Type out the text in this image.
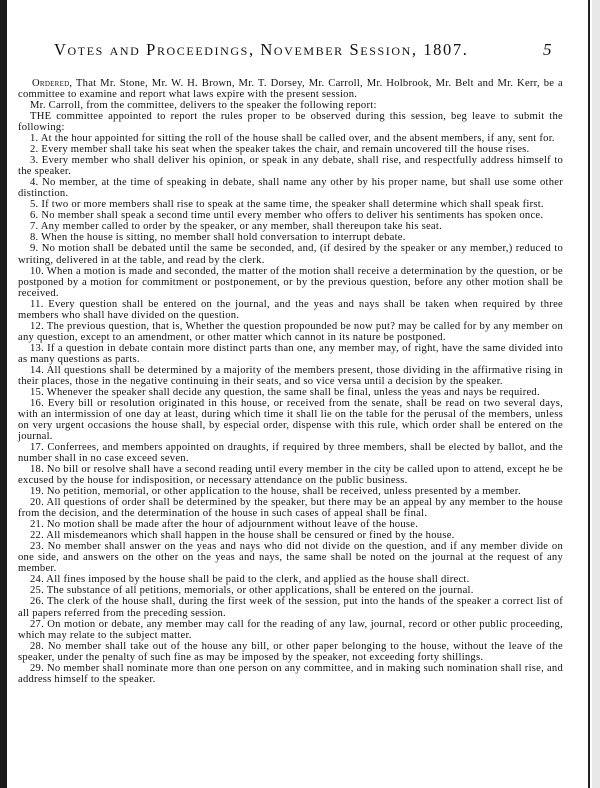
Votes and Proceedings, November Session, 1807.	5

Ordered, That Mr. Stone, Mr. W. H. Brown, Mr. T. Dorsey, Mr. Carroll, Mr. Holbrook, Mr. Belt and Mr. Kerr, be a committee to examine and report what laws expire with the present session.

Mr. Carroll, from the committee, delivers to the speaker the following report:

THE committee appointed to report the rules proper to be observed during this session, beg leave to submit the following:

1. At the hour appointed for sitting the roll of the house shall be called over, and the absent members, if any, sent for.

2. Every member shall take his seat when the speaker takes the chair, and remain uncovered till the house rises.

3. Every member who shall deliver his opinion, or speak in any debate, shall rise, and respectfully address himself to the speaker.

4. No member, at the time of speaking in debate, shall name any other by his proper name, but shall use some other distinction.

5. If two or more members shall rise to speak at the same time, the speaker shall determine which shall speak first.

6. No member shall speak a second time until every member who offers to deliver his sentiments has spoken once.

7. Any member called to order by the speaker, or any member, shall thereupon take his seat.

8. When the house is sitting, no member shall hold conversation to interrupt debate.

9. No motion shall be debated until the same be seconded, and, (if desired by the speaker or any member,) reduced to writing, delivered in at the table, and read by the clerk.

10. When a motion is made and seconded, the matter of the motion shall receive a determination by the question, or be postponed by a motion for commitment or postponement, or by the previous question, before any other motion shall be received.

11. Every question shall be entered on the journal, and the yeas and nays shall be taken when required by three members who shall have divided on the question.

12. The previous question, that is, Whether the question propounded be now put? may be called for by any member on any question, except to an amendment, or other matter which cannot in its nature be postponed.

13. If a question in debate contain more distinct parts than one, any member may, of right, have the same divided into as many questions as parts.

14. All questions shall be determined by a majority of the members present, those dividing in the affirmative rising in their places, those in the negative continuing in their seats, and so vice versa until a decision by the speaker.

15. Whenever the speaker shall decide any question, the same shall be final, unless the yeas and nays be required.

16. Every bill or resolution originated in this house, or received from the senate, shall be read on two several days, with an intermission of one day at least, during which time it shall lie on the table for the perusal of the members, unless on very urgent occasions the house shall, by especial order, dispense with this rule, which order shall be entered on the journal.

17. Conferrees, and members appointed on draughts, if required by three members, shall be elected by ballot, and the number shall in no case exceed seven.

18. No bill or resolve shall have a second reading until every member in the city be called upon to attend, except he be excused by the house for indisposition, or necessary attendance on the public business.

19. No petition, memorial, or other application to the house, shall be received, unless presented by a member.

20. All questions of order shall be determined by the speaker, but there may be an appeal by any member to the house from the decision, and the determination of the house in such cases of appeal shall be final.

21. No motion shall be made after the hour of adjournment without leave of the house.

22. All misdemeanors which shall happen in the house shall be censured or fined by the house.

23. No member shall answer on the yeas and nays who did not divide on the question, and if any member divide on one side, and answers on the other on the yeas and nays, the same shall be noted on the journal at the request of any member.

24. All fines imposed by the house shall be paid to the clerk, and applied as the house shall direct.

25. The substance of all petitions, memorials, or other applications, shall be entered on the journal.

26. The clerk of the house shall, during the first week of the session, put into the hands of the speaker a correct list of all papers referred from the preceding session.

27. On motion or debate, any member may call for the reading of any law, journal, record or other public proceeding, which may relate to the subject matter.

28. No member shall take out of the house any bill, or other paper belonging to the house, without the leave of the speaker, under the penalty of such fine as may be imposed by the speaker, not exceeding forty shillings.

29. No member shall nominate more than one person on any committee, and in making such nomination shall rise, and address himself to the speaker.
